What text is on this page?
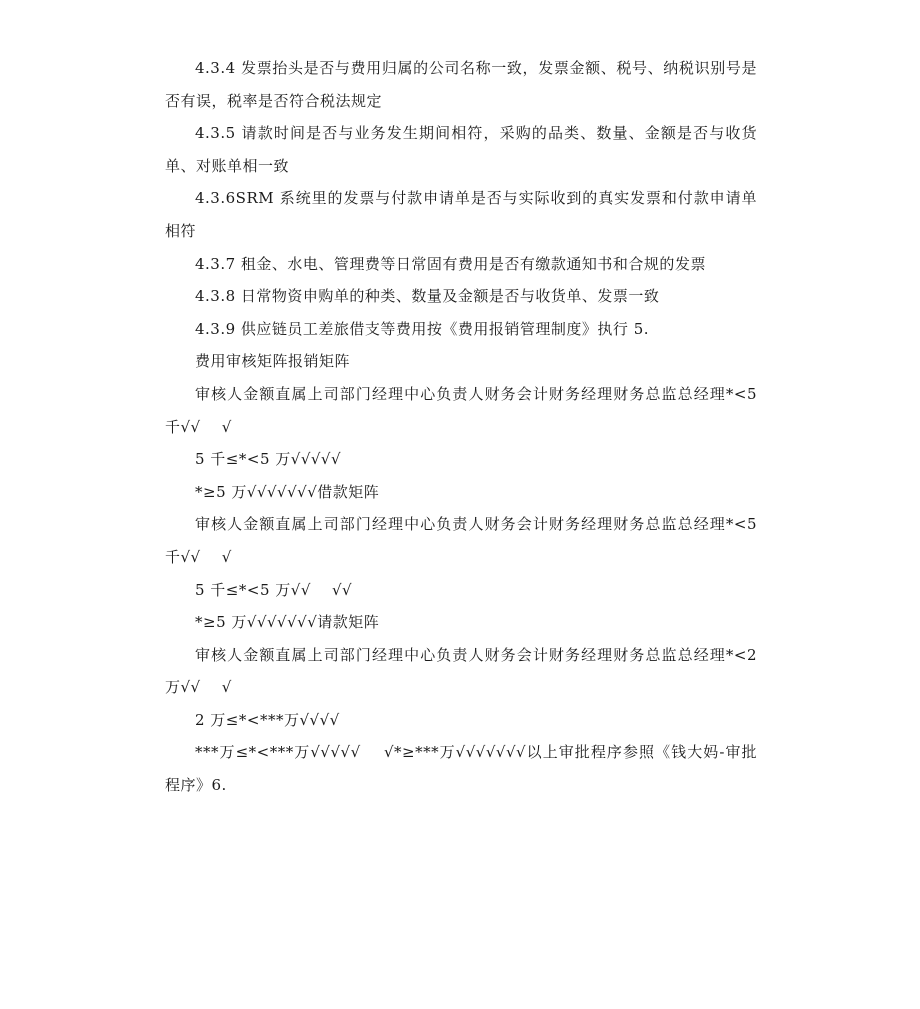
4.3.4 发票抬头是否与费用归属的公司名称一致，发票金额、税号、纳税识别号是否有误，税率是否符合税法规定

4.3.5 请款时间是否与业务发生期间相符，采购的品类、数量、金额是否与收货单、对账单相一致

4.3.6SRM 系统里的发票与付款申请单是否与实际收到的真实发票和付款申请单相符

4.3.7 租金、水电、管理费等日常固有费用是否有缴款通知书和合规的发票

4.3.8 日常物资申购单的种类、数量及金额是否与收货单、发票一致

4.3.9 供应链员工差旅借支等费用按《费用报销管理制度》执行 5.

费用审核矩阵报销矩阵

审核人金额直属上司部门经理中心负责人财务会计财务经理财务总监总经理*<5 千√√    √

5 千≤*<5 万√√√√√

*≥5 万√√√√√√√借款矩阵

审核人金额直属上司部门经理中心负责人财务会计财务经理财务总监总经理*<5 千√√    √

5 千≤*<5 万√√    √√

*≥5 万√√√√√√√请款矩阵

审核人金额直属上司部门经理中心负责人财务会计财务经理财务总监总经理*<2 万√√    √

2 万≤*<***万√√√√

***万≤*<***万√√√√√    √*≥***万√√√√√√√以上审批程序参照《钱大妈-审批程序》6.
